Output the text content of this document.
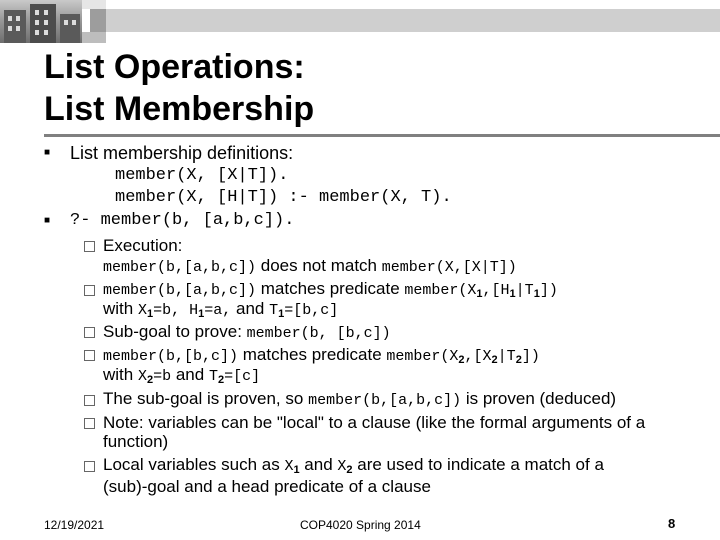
List Operations:
List Membership
■ List membership definitions:
member(X, [X|T]).
member(X, [H|T]) :- member(X, T).
■ ?- member(b, [a,b,c]).
Execution:
member(b,[a,b,c]) does not match member(X,[X|T])
member(b,[a,b,c]) matches predicate $member(X_1,[H_1|T_1])$
with $X_1=b$, $H_1=a$, and $T_1=[b,c]$
Sub-goal to prove: member(b, [b,c])
member(b,[b,c]) matches predicate $member(X_2,[X_2|T_2])$
with $X_2=b$ and $T_2=[c]$
The sub-goal is proven, so member(b,[a,b,c]) is proven (deduced)
Note: variables can be "local" to a clause (like the formal arguments of a
function)
Local variables such as $X_1$ and $X_2$ are used to indicate a match of a
(sub)-goal and a head predicate of a clause
12/19/2021	COP4020 Spring 2014	8
